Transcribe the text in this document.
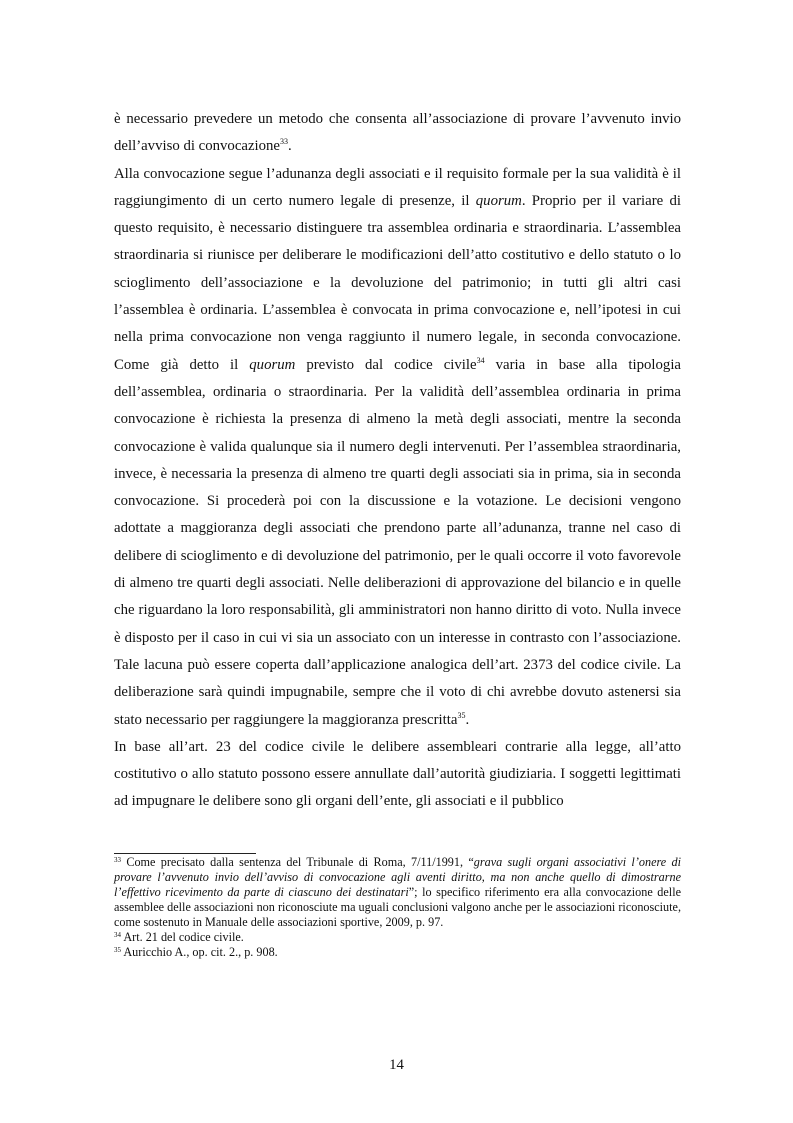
è necessario prevedere un metodo che consenta all’associazione di provare l’avvenuto invio dell’avviso di convocazione$^{33}$.

Alla convocazione segue l’adunanza degli associati e il requisito formale per la sua validità è il raggiungimento di un certo numero legale di presenze, il quorum. Proprio per il variare di questo requisito, è necessario distinguere tra assemblea ordinaria e straordinaria. L’assemblea straordinaria si riunisce per deliberare le modificazioni dell’atto costitutivo e dello statuto o lo scioglimento dell’associazione e la devoluzione del patrimonio; in tutti gli altri casi l’assemblea è ordinaria. L’assemblea è convocata in prima convocazione e, nell’ipotesi in cui nella prima convocazione non venga raggiunto il numero legale, in seconda convocazione. Come già detto il quorum previsto dal codice civile$^{34}$ varia in base alla tipologia dell’assemblea, ordinaria o straordinaria. Per la validità dell’assemblea ordinaria in prima convocazione è richiesta la presenza di almeno la metà degli associati, mentre la seconda convocazione è valida qualunque sia il numero degli intervenuti. Per l’assemblea straordinaria, invece, è necessaria la presenza di almeno tre quarti degli associati sia in prima, sia in seconda convocazione. Si procederà poi con la discussione e la votazione. Le decisioni vengono adottate a maggioranza degli associati che prendono parte all’adunanza, tranne nel caso di delibere di scioglimento e di devoluzione del patrimonio, per le quali occorre il voto favorevole di almeno tre quarti degli associati. Nelle deliberazioni di approvazione del bilancio e in quelle che riguardano la loro responsabilità, gli amministratori non hanno diritto di voto. Nulla invece è disposto per il caso in cui vi sia un associato con un interesse in contrasto con l’associazione. Tale lacuna può essere coperta dall’applicazione analogica dell’art. 2373 del codice civile. La deliberazione sarà quindi impugnabile, sempre che il voto di chi avrebbe dovuto astenersi sia stato necessario per raggiungere la maggioranza prescritta$^{35}$.

In base all’art. 23 del codice civile le delibere assembleari contrarie alla legge, all’atto costitutivo o allo statuto possono essere annullate dall’autorità giudiziaria. I soggetti legittimati ad impugnare le delibere sono gli organi dell’ente, gli associati e il pubblico

$^{33}$ Come precisato dalla sentenza del Tribunale di Roma, 7/11/1991, “grava sugli organi associativi l’onere di provare l’avvenuto invio dell’avviso di convocazione agli aventi diritto, ma non anche quello di dimostrarne l’effettivo ricevimento da parte di ciascuno dei destinatari”; lo specifico riferimento era alla convocazione delle assemblee delle associazioni non riconosciute ma uguali conclusioni valgono anche per le associazioni riconosciute, come sostenuto in Manuale delle associazioni sportive, 2009, p. 97.

$^{34}$ Art. 21 del codice civile.

$^{35}$ Auricchio A., op. cit. 2., p. 908.

14
